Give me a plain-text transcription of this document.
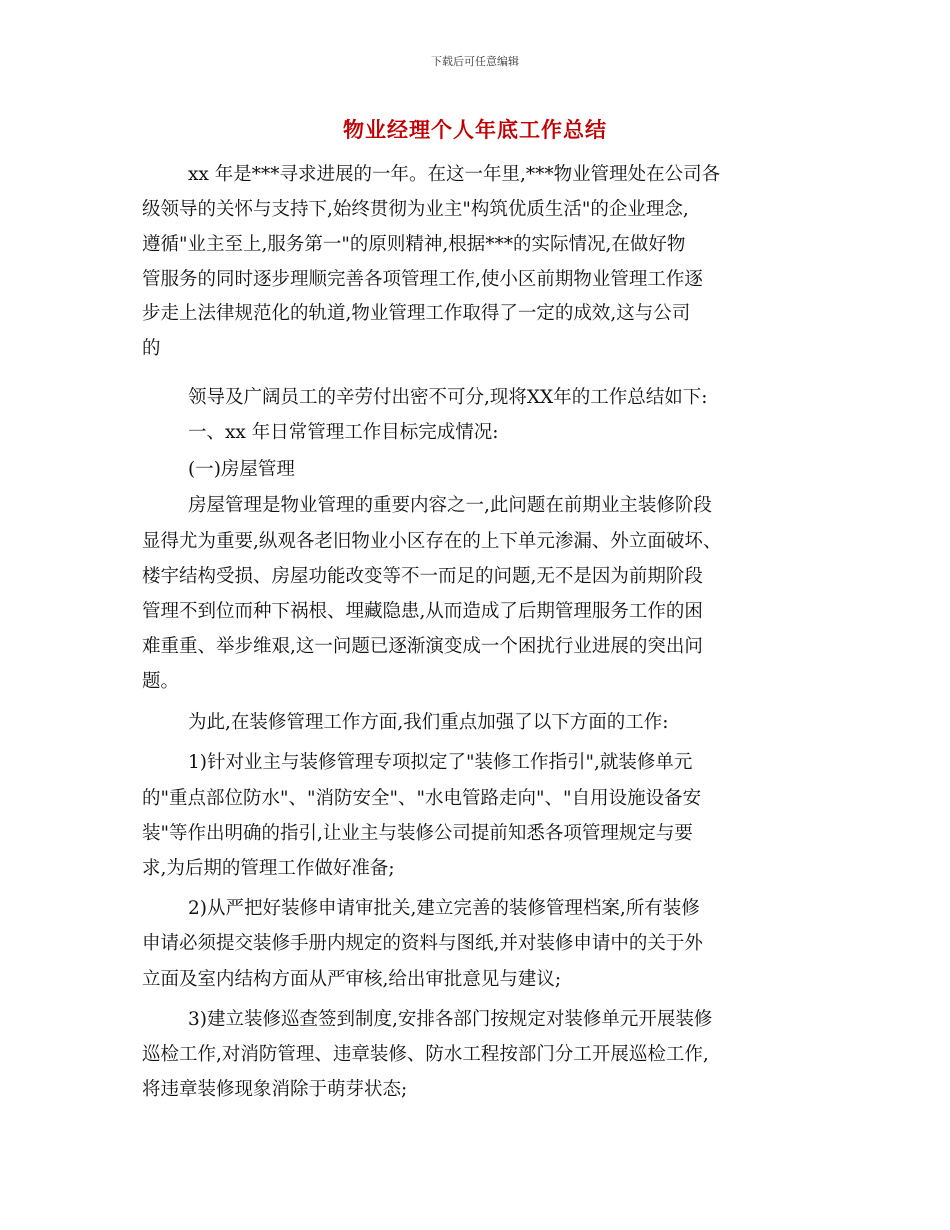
下载后可任意编辑
物业经理个人年底工作总结
xx 年是***寻求进展的一年。在这一年里,***物业管理处在公司各
级领导的关怀与支持下,始终贯彻为业主"构筑优质生活"的企业理念,
遵循"业主至上,服务第一"的原则精神,根据***的实际情况,在做好物
管服务的同时逐步理顺完善各项管理工作,使小区前期物业管理工作逐
步走上法律规范化的轨道,物业管理工作取得了一定的成效,这与公司
的
领导及广阔员工的辛劳付出密不可分,现将XX年的工作总结如下:
一、xx 年日常管理工作目标完成情况:
(一)房屋管理
房屋管理是物业管理的重要内容之一,此问题在前期业主装修阶段
显得尤为重要,纵观各老旧物业小区存在的上下单元渗漏、外立面破坏、
楼宇结构受损、房屋功能改变等不一而足的问题,无不是因为前期阶段
管理不到位而种下祸根、埋藏隐患,从而造成了后期管理服务工作的困
难重重、举步维艰,这一问题已逐渐演变成一个困扰行业进展的突出问
题。
为此,在装修管理工作方面,我们重点加强了以下方面的工作:
1)针对业主与装修管理专项拟定了"装修工作指引",就装修单元
的"重点部位防水"、"消防安全"、"水电管路走向"、"自用设施设备安
装"等作出明确的指引,让业主与装修公司提前知悉各项管理规定与要
求,为后期的管理工作做好准备;
2)从严把好装修申请审批关,建立完善的装修管理档案,所有装修
申请必须提交装修手册内规定的资料与图纸,并对装修申请中的关于外
立面及室内结构方面从严审核,给出审批意见与建议;
3)建立装修巡查签到制度,安排各部门按规定对装修单元开展装修
巡检工作,对消防管理、违章装修、防水工程按部门分工开展巡检工作,
将违章装修现象消除于萌芽状态;
